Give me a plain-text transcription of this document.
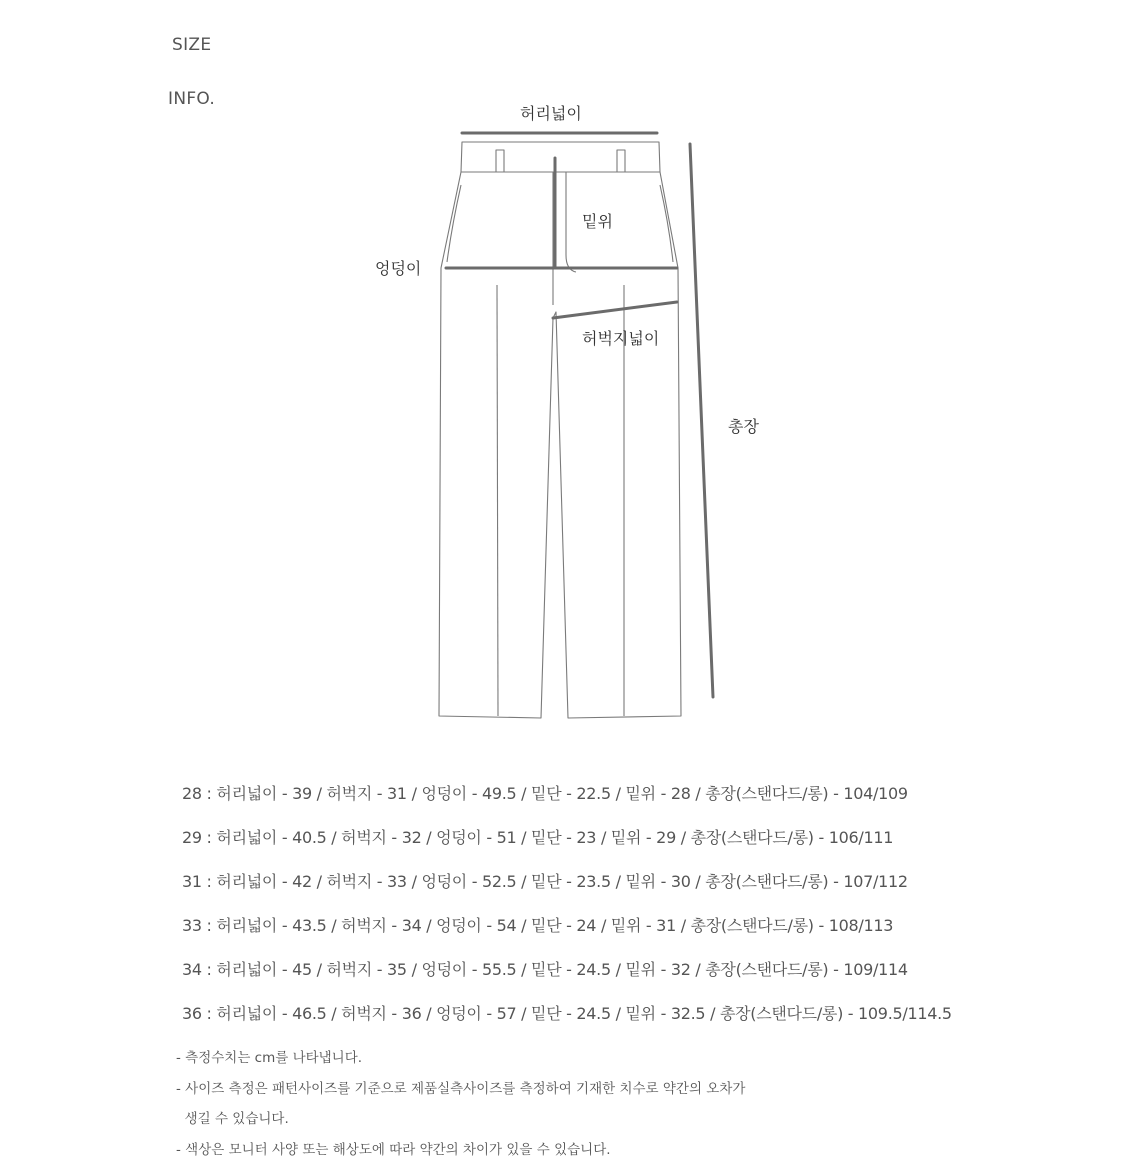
SIZE
INFO.
허리넓이
밑위
엉덩이
허벅지넓이
총장
28 : 허리넓이 - 39 / 허벅지 - 31 / 엉덩이 - 49.5 / 밑단 - 22.5 / 밑위 - 28 / 총장(스탠다드/롱) - 104/109
29 : 허리넓이 - 40.5 / 허벅지 - 32 / 엉덩이 - 51 / 밑단 - 23 / 밑위 - 29 / 총장(스탠다드/롱) - 106/111
31 : 허리넓이 - 42 / 허벅지 - 33 / 엉덩이 - 52.5 / 밑단 - 23.5 / 밑위 - 30 / 총장(스탠다드/롱) - 107/112
33 : 허리넓이 - 43.5 / 허벅지 - 34 / 엉덩이 - 54 / 밑단 - 24 / 밑위 - 31 / 총장(스탠다드/롱) - 108/113
34 : 허리넓이 - 45 / 허벅지 - 35 / 엉덩이 - 55.5 / 밑단 - 24.5 / 밑위 - 32 / 총장(스탠다드/롱) - 109/114
36 : 허리넓이 - 46.5 / 허벅지 - 36 / 엉덩이 - 57 / 밑단 - 24.5 / 밑위 - 32.5 / 총장(스탠다드/롱) - 109.5/114.5
- 측정수치는 cm를 나타냅니다.
- 사이즈 측정은 패턴사이즈를 기준으로 제품실측사이즈를 측정하여 기재한 치수로 약간의 오차가
생길 수 있습니다.
- 색상은 모니터 사양 또는 해상도에 따라 약간의 차이가 있을 수 있습니다.
